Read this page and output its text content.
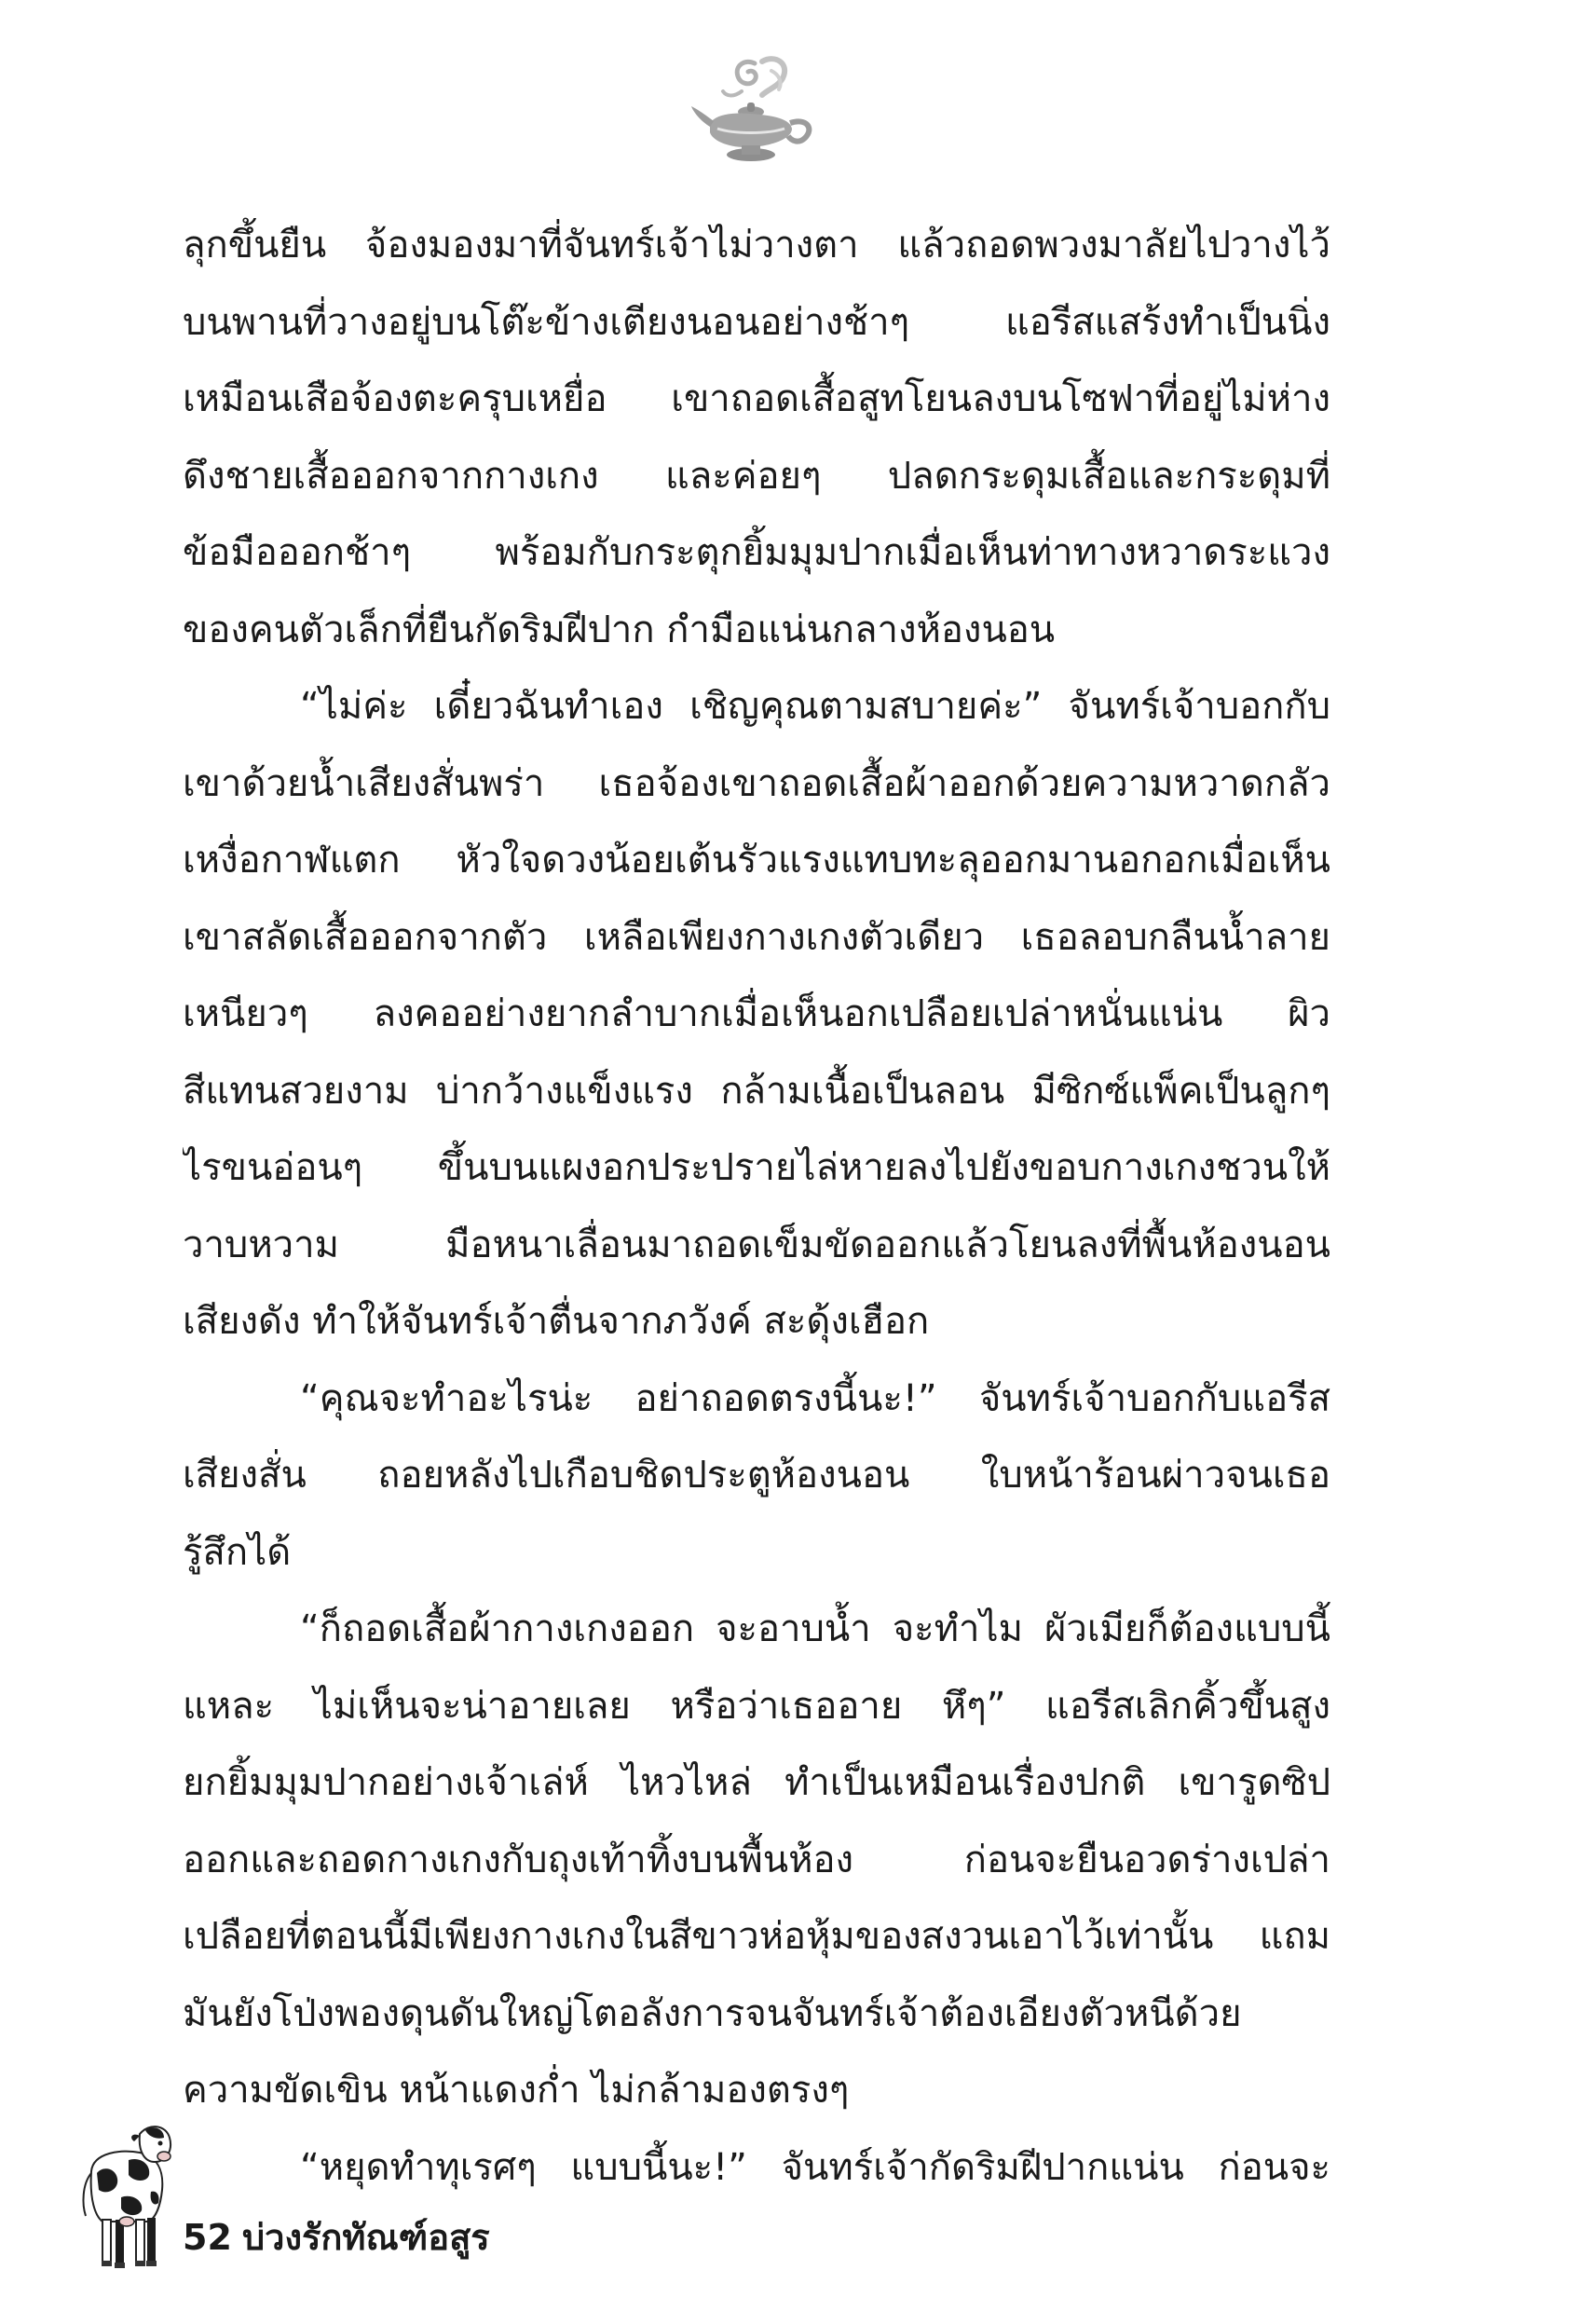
ลุกขึ้นยืน จ้องมองมาที่จันทร์เจ้าไม่วางตา แล้วถอดพวงมาลัยไปวางไว้
บนพานที่วางอยู่บนโต๊ะข้างเตียงนอนอย่างช้าๆ แอรีสแสร้งทำเป็นนิ่ง
เหมือนเสือจ้องตะครุบเหยื่อ เขาถอดเสื้อสูทโยนลงบนโซฟาที่อยู่ไม่ห่าง
ดึงชายเสื้อออกจากกางเกง และค่อยๆ ปลดกระดุมเสื้อและกระดุมที่
ข้อมือออกช้าๆ พร้อมกับกระตุกยิ้มมุมปากเมื่อเห็นท่าทางหวาดระแวง
ของคนตัวเล็กที่ยืนกัดริมฝีปาก กำมือแน่นกลางห้องนอน
“ไม่ค่ะ เดี๋ยวฉันทำเอง เชิญคุณตามสบายค่ะ” จันทร์เจ้าบอกกับ
เขาด้วยน้ำเสียงสั่นพร่า เธอจ้องเขาถอดเสื้อผ้าออกด้วยความหวาดกลัว
เหงื่อกาฬแตก หัวใจดวงน้อยเต้นรัวแรงแทบทะลุออกมานอกอกเมื่อเห็น
เขาสลัดเสื้อออกจากตัว เหลือเพียงกางเกงตัวเดียว เธอลอบกลืนน้ำลาย
เหนียวๆ ลงคออย่างยากลำบากเมื่อเห็นอกเปลือยเปล่าหนั่นแน่น ผิว
สีแทนสวยงาม บ่ากว้างแข็งแรง กล้ามเนื้อเป็นลอน มีซิกซ์แพ็คเป็นลูกๆ
ไรขนอ่อนๆ ขึ้นบนแผงอกประปรายไล่หายลงไปยังขอบกางเกงชวนให้
วาบหวาม มือหนาเลื่อนมาถอดเข็มขัดออกแล้วโยนลงที่พื้นห้องนอน
เสียงดัง ทำให้จันทร์เจ้าตื่นจากภวังค์ สะดุ้งเฮือก
“คุณจะทำอะไรน่ะ อย่าถอดตรงนี้นะ!” จันทร์เจ้าบอกกับแอรีส
เสียงสั่น ถอยหลังไปเกือบชิดประตูห้องนอน ใบหน้าร้อนผ่าวจนเธอ
รู้สึกได้
“ก็ถอดเสื้อผ้ากางเกงออก จะอาบน้ำ จะทำไม ผัวเมียก็ต้องแบบนี้
แหละ ไม่เห็นจะน่าอายเลย หรือว่าเธออาย หึๆ” แอรีสเลิกคิ้วขึ้นสูง
ยกยิ้มมุมปากอย่างเจ้าเล่ห์ ไหวไหล่ ทำเป็นเหมือนเรื่องปกติ เขารูดซิป
ออกและถอดกางเกงกับถุงเท้าทิ้งบนพื้นห้อง ก่อนจะยืนอวดร่างเปล่า
เปลือยที่ตอนนี้มีเพียงกางเกงในสีขาวห่อหุ้มของสงวนเอาไว้เท่านั้น แถม
มันยังโป่งพองดุนดันใหญ่โตอลังการจนจันทร์เจ้าต้องเอียงตัวหนีด้วย
ความขัดเขิน หน้าแดงก่ำ ไม่กล้ามองตรงๆ
“หยุดทำทุเรศๆ แบบนี้นะ!” จันทร์เจ้ากัดริมฝีปากแน่น ก่อนจะ
52 บ่วงรักทัณฑ์อสูร
